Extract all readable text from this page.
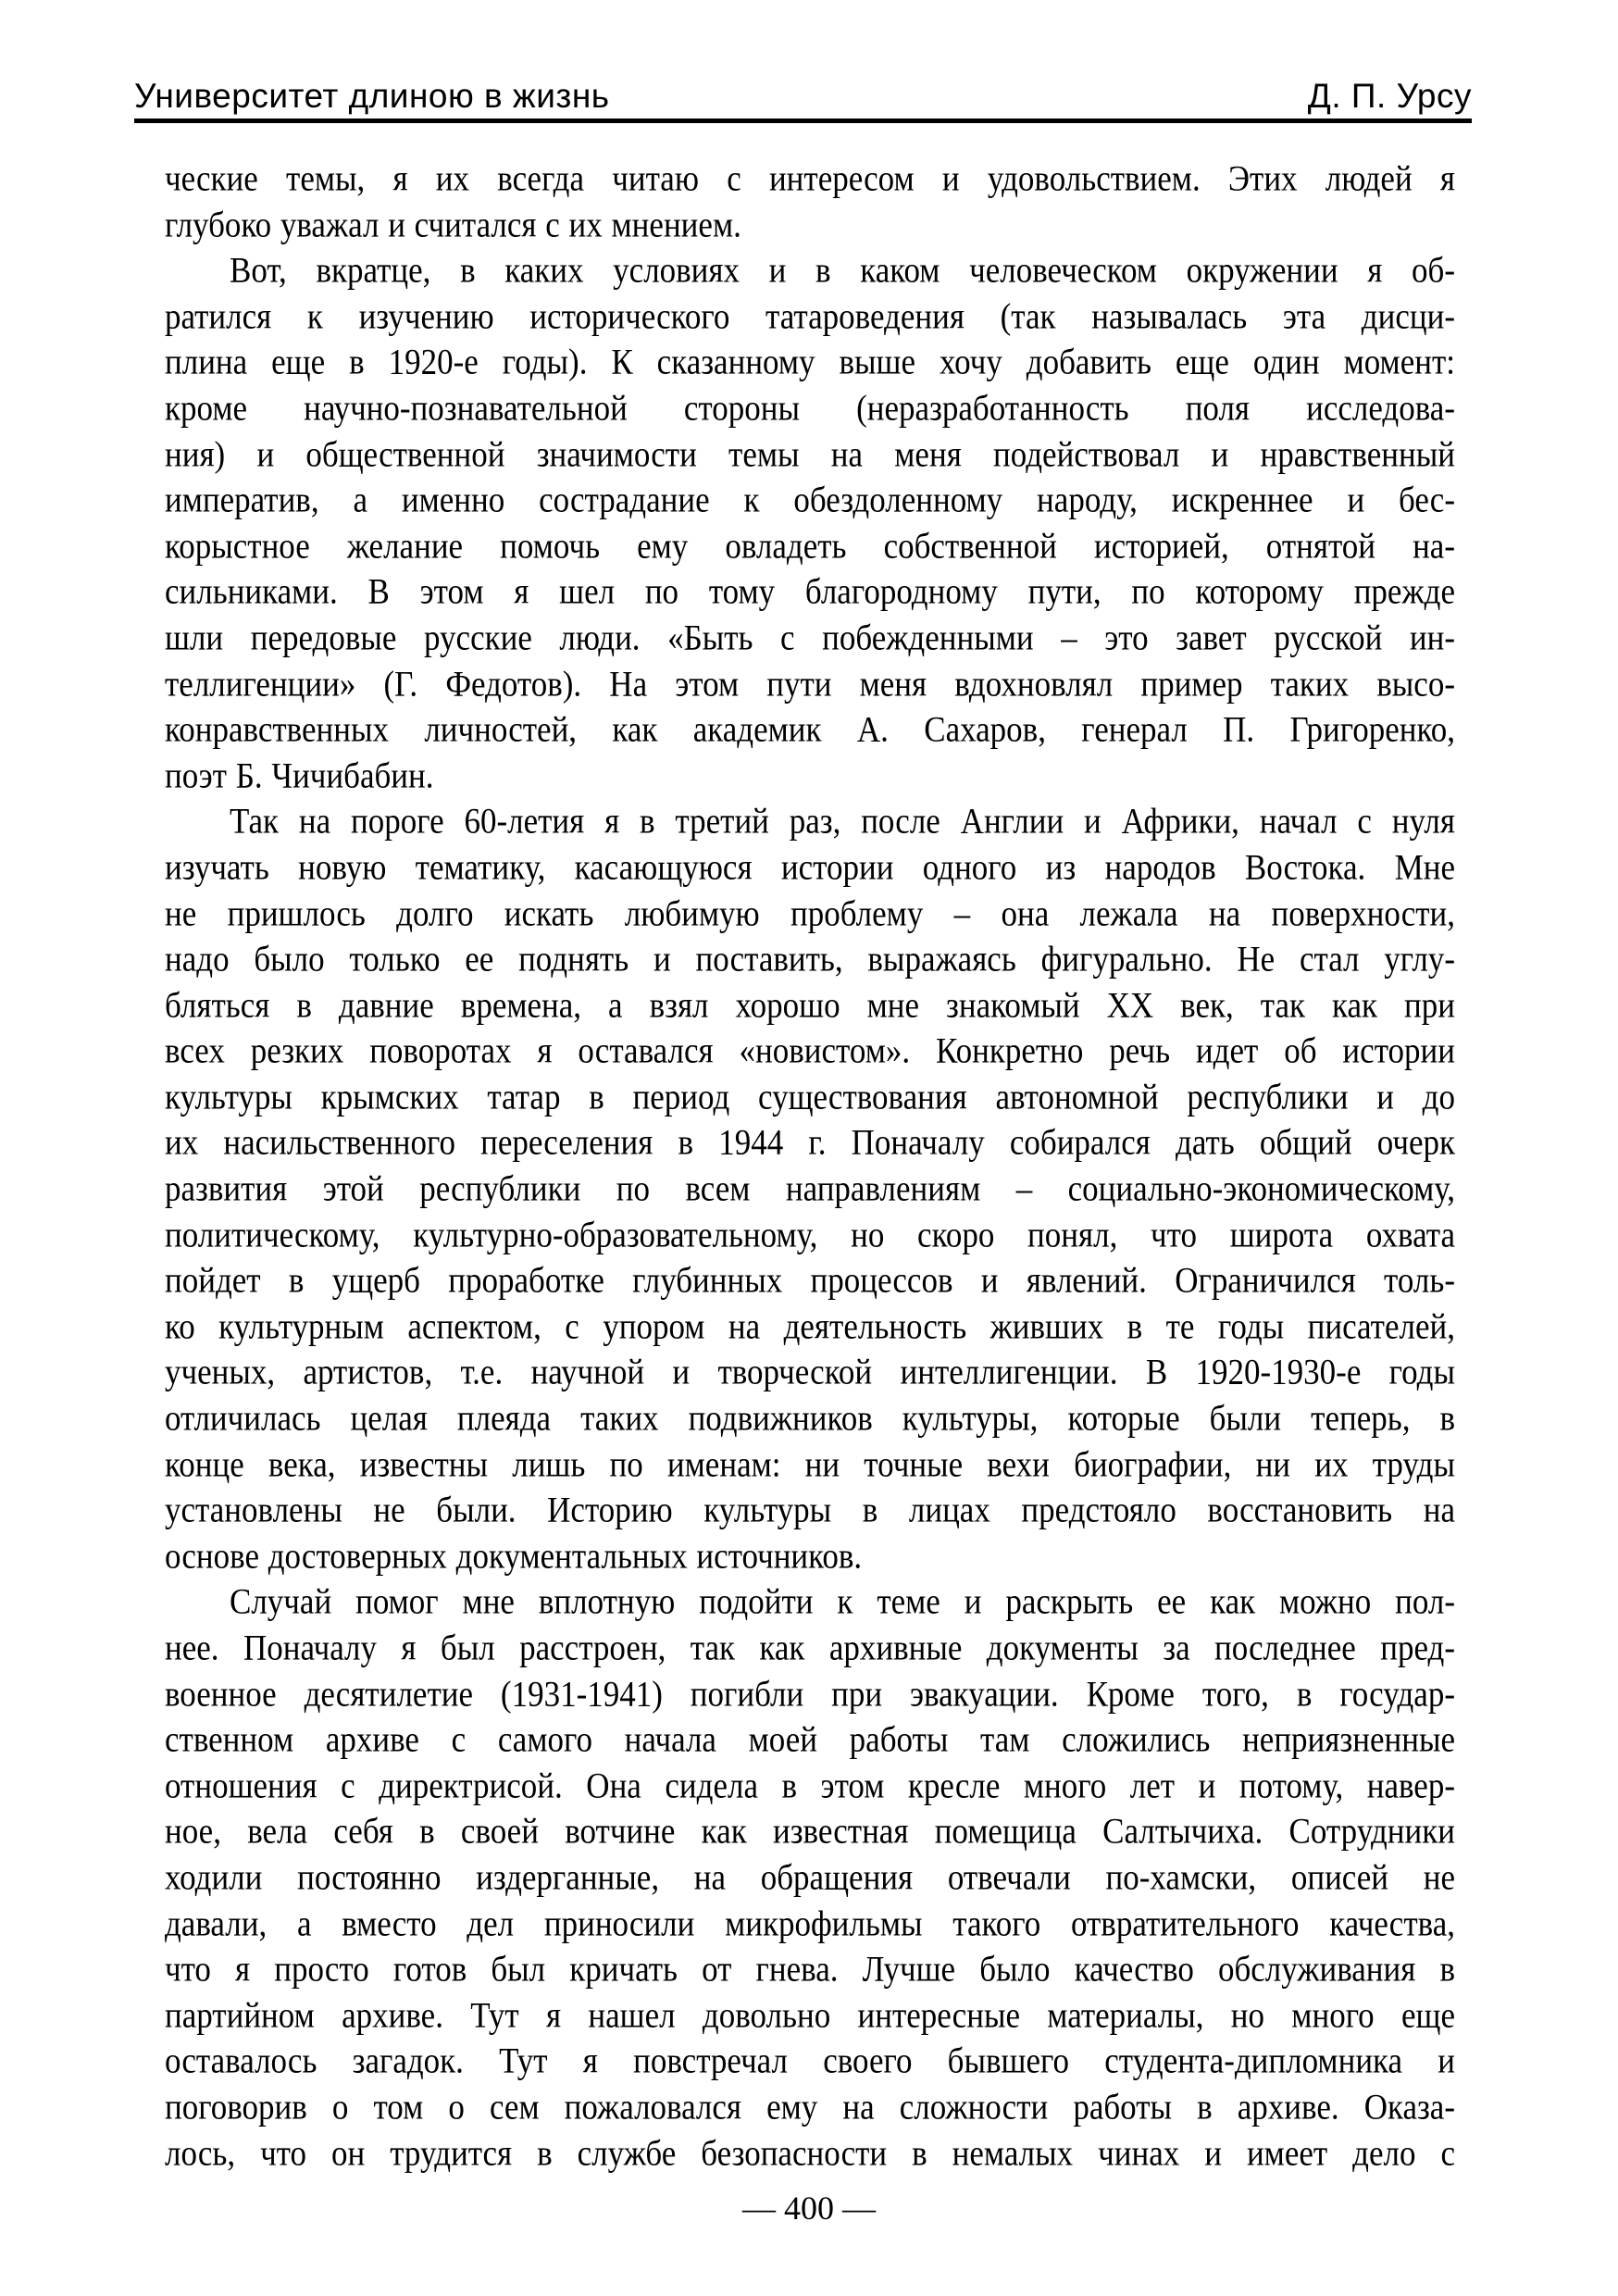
Университет длиною в жизнь	Д. П. Урсу
ческие темы, я их всегда читаю с интересом и удовольствием. Этих людей я
глубоко уважал и считался с их мнением.
Вот, вкратце, в каких условиях и в каком человеческом окружении я об-
ратился к изучению исторического татароведения (так называлась эта дисци-
плина еще в 1920-е годы). К сказанному выше хочу добавить еще один момент:
кроме научно-познавательной стороны (неразработанность поля исследова-
ния) и общественной значимости темы на меня подействовал и нравственный
императив, а именно сострадание к обездоленному народу, искреннее и бес-
корыстное желание помочь ему овладеть собственной историей, отнятой на-
сильниками. В этом я шел по тому благородному пути, по которому прежде
шли передовые русские люди. «Быть с побежденными – это завет русской ин-
теллигенции» (Г. Федотов). На этом пути меня вдохновлял пример таких высо-
конравственных личностей, как академик А. Сахаров, генерал П. Григоренко,
поэт Б. Чичибабин.
Так на пороге 60-летия я в третий раз, после Англии и Африки, начал с нуля
изучать новую тематику, касающуюся истории одного из народов Востока. Мне
не пришлось долго искать любимую проблему – она лежала на поверхности,
надо было только ее поднять и поставить, выражаясь фигурально. Не стал углу-
бляться в давние времена, а взял хорошо мне знакомый XX век, так как при
всех резких поворотах я оставался «новистом». Конкретно речь идет об истории
культуры крымских татар в период существования автономной республики и до
их насильственного переселения в 1944 г. Поначалу собирался дать общий очерк
развития этой республики по всем направлениям – социально-экономическому,
политическому, культурно-образовательному, но скоро понял, что широта охвата
пойдет в ущерб проработке глубинных процессов и явлений. Ограничился толь-
ко культурным аспектом, с упором на деятельность живших в те годы писателей,
ученых, артистов, т.е. научной и творческой интеллигенции. В 1920-1930-е годы
отличилась целая плеяда таких подвижников культуры, которые были теперь, в
конце века, известны лишь по именам: ни точные вехи биографии, ни их труды
установлены не были. Историю культуры в лицах предстояло восстановить на
основе достоверных документальных источников.
Случай помог мне вплотную подойти к теме и раскрыть ее как можно пол-
нее. Поначалу я был расстроен, так как архивные документы за последнее пред-
военное десятилетие (1931-1941) погибли при эвакуации. Кроме того, в государ-
ственном архиве с самого начала моей работы там сложились неприязненные
отношения с директрисой. Она сидела в этом кресле много лет и потому, навер-
ное, вела себя в своей вотчине как известная помещица Салтычиха. Сотрудники
ходили постоянно издерганные, на обращения отвечали по-хамски, описей не
давали, а вместо дел приносили микрофильмы такого отвратительного качества,
что я просто готов был кричать от гнева. Лучше было качество обслуживания в
партийном архиве. Тут я нашел довольно интересные материалы, но много еще
оставалось загадок. Тут я повстречал своего бывшего студента-дипломника и
поговорив о том о сем пожаловался ему на сложности работы в архиве. Оказа-
лось, что он трудится в службе безопасности в немалых чинах и имеет дело с
— 400 —
